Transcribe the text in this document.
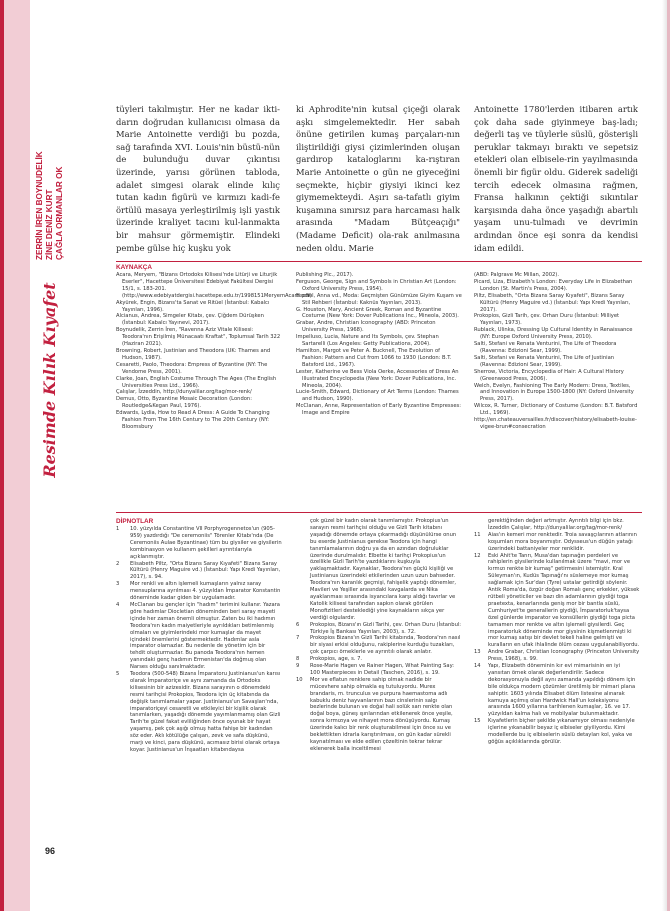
ZERRİN İREN BOYNUDELİK ZİNE DENİZ KURT ÇAĞLA ORMANLAR OK
Resimde Kılık Kıyafet
96
tüyleri takılmıştır. Her ne kadar ikti-darın doğrudan kullanıcısı olmasa da Marie Antoinette verdiği bu pozda, sağ tarafında XVI. Louis'nin büstü-nün de bulunduğu duvar çıkıntısı üzerinde, yarısı görünen tabloda, adalet simgesi olarak elinde kılıç tutan kadın figürü ve kırmızı kadi-fe örtülü masaya yerleştirilmiş işli yastık üzerinde kraliyet tacını kul-lanmakta bir mahsur görmemiştir. Elindeki pembe gülse hiç kuşku yok
ki Aphrodite'nin kutsal çiçeği olarak aşkı simgelemektedir. Her sabah önüne getirilen kumaş parçaları-nın iliştirildiği giysi çizimlerinden oluşan gardırop kataloglarını ka-rıştıran Marie Antoinette o gün ne giyeceğini seçmekte, hiçbir giysiyi ikinci kez giymemekteydi. Aşırı sa-tafatlı giyim kuşamına sınırsız para harcaması halk arasında "Madam Bütçeaçığı" (Madame Deficit) ola-rak anılmasına neden oldu. Marie
Antoinette 1780'lerden itibaren artık çok daha sade giyinmeye baş-ladı; değerli taş ve tüylerle süslü, gösterişli peruklar takmayı bıraktı ve sepetsiz etekleri olan elbisele-rin yayılmasında önemli bir figür oldu. Giderek sadeliği tercih edecek olmasına rağmen, Fransa halkının çektiği sıkıntılar karşısında daha önce yaşadığı abartılı yaşam unu-tulmadı ve devrimin ardından önce eşi sonra da kendisi idam edildi.
KAYNAKÇA
Acara, Meryem, "Bizans Ortodoks Kilisesi'nde Litürji ve Liturjik Eserler", Hacettepe Üniversitesi Edebiyat Fakültesi Dergisi 15/1, s. 183-201. (http://www.edebiyatdergisi.hacettepe.edu.tr/1998151MeryemAcara.pdf)
Akyürek, Engin, Bizans'ta Sanat ve Ritüel (İstanbul: Kabalcı Yayınları, 1996).
Alcianus, Andrea, Simgeler Kitabı, çev. Çiğdem Dürüşken (İstanbul: Kabalcı Yayınevi, 2017).
Boynudelik, Zerrin İren, "Ravenna Aziz Vitale Kilisesi: Teodora'nın Erişilmiş Münacaatı Kraftat", Toplumsal Tarih 322 (Haziran 2021).
Browning, Robert, Justinian and Theodora (UK: Thames and Hudson, 1987).
Cesaretti, Paolo, Theodora: Empress of Byzantine (NY: The Vendome Press, 2001).
Clarke, Joan, English Costume Through The Ages (The English Universities Press Ltd., 1966).
Çalışlar, İzzeddin, http://dunyalilar.org/tag/mor-renk/
Demus, Otto, Byzantine Mosaic Decoration (London: Routledge&Kegan Paul, 1976).
Edwards, Lydia, How to Read A Dress: A Guide To Changing Fashion From The 16th Century to The 20th Century (NY: Bloomsbury
Publishing Plc., 2017).
Ferguson, George, Sign and Symbols in Christian Art (London: Oxford University Press, 1954).
Fischel, Anna vd., Moda: Geçmişten Günümüze Giyim Kuşam ve Stil Rehberi (İstanbul: Kaknüs Yayınları, 2013).
G. Houston, Mary, Ancient Greek, Roman and Byzantine Costume (New York: Dover Publications Inc., Mineola, 2003).
Grabar, Andre, Christian Iconography (ABD: Princeton University Press, 1968).
Impelluso, Lucia, Nature and Its Symbols, çev. Stephan Sartarelli (Los Angeles: Getty Publications, 2004).
Hamilton, Margot ve Peter A. Bucknell, The Evolution of Fashion: Pattern and Cut from 1066 to 1930 (London: B.T. Batsford Ltd., 1967).
Lester, Katherine ve Bess Viola Oerke, Accessories of Dress An Illustrated Encyclopedia (New York: Dover Publications, Inc. Mineola, 2004).
Lucie-Smith, Edward, Dictionary of Art Terms (London: Thames and Hudson, 1990).
McClanan, Anne, Representation of Early Byzantine Empresses: Image and Empire
(ABD: Palgrave Mc Millan, 2002).
Picard, Liza, Elizabeth's London: Everyday Life in Elizabethan London (St. Martin's Press, 2004).
Piltz, Elisabeth, "Orta Bizans Saray Kıyafeti", Bizans Saray Kültürü (Henry Maguire vd.) (İstanbul: Yapı Kredi Yayınları, 2017).
Prokopios, Gizli Tarih, çev. Orhan Duru (İstanbul: Milliyet Yayınları, 1973).
Rublack, Ulinka, Dressing Up Cultural Identity in Renaissance (NY: Europe Oxford University Press, 2010).
Salti, Stefani ve Renata Venturini, The Life of Theodora (Ravenna: Edizioni Sear, 1999).
Salti, Stefani ve Renata Venturini, The Life of Justinian (Ravenna: Edizioni Sear, 1999).
Sherrow, Victoria, Encyclopedia of Hair: A Cultural History (Greenwood Press, 2006).
Welch, Evelyn, Fashioning The Early Modern: Dress, Textiles, and Innovation in Europe 1500-1800 (NY: Oxford University Press, 2017).
Wilcox, R. Turner, Dictionary of Costume (London: B.T. Batsford Ltd., 1969).
http://en.chateauversailles.fr/discover/history/elisabeth-louise-vigee-brun#consecration
DİPNOTLAR
1	10. yüzyılda Constantine VII Porphyrogennetos'un (905-959) yazdırdığı "De ceremoniis" Törenler Kitabı'nda (De Ceremoniis Aulae Byzantinae) tüm bu giysiler ve giysilerin kombinasyon ve kullanım şekilleri ayrıntılarıyla açıklanmıştır.
2	Elisabeth Piltz, "Orta Bizans Saray Kıyafeti" Bizans Saray Kültürü (Henry Maguire vd.) (İstanbul: Yapı Kredi Yayınları, 2017), s. 94.
3	Mor renkli ve altın işlemeli kumaşların yalnız saray mensuplarına ayrılması 4. yüzyıldan İmparator Konstantin döneminde kadar giden bir uygulamadır.
4	McClanan bu gençler için "hadım" terimini kullanır. Yazara göre hadımlar Diocletian döneminden beri saray mayeti içinde her zaman önemli olmuştur. Zaten bu iki hadımın Teodora'nın kadın maiyetleriyle ayrıldıkları betimlenmiş olmaları ve giyimlerindeki mor kumaşlar da mayet içindeki önemlerini göstermektedir. Hadımlar asla imparator olamazlar. Bu nedenle de yönetim için bir tehdit oluşturmazlar. Bu panoda Teodora'nın hemen yanındaki genç hadımın Ermenistan'da doğmuş olan Narses olduğu sanılmaktadır.
5	Teodora (500-548) Bizans İmparatoru Justinianus'un karısı olarak İmparatoriçe ve aynı zamanda da Ortodoks kilisesinin bir azizesidir. Bizans sarayının o dönemdeki resmi tarihçisi Prokopios, Teodora için üç kitabında da değişik tanımlamalar yapar. Justinianus'un Savaşları'nda, imparatoriçeyi cesaretli ve etkileyici bir kişilik olarak tanımlarken, yaşadığı dönemde yayımlanmamış olan Gizli Tarih'te güzel fakat evliliğinden önce oyunak bir hayat yaşamış, pek çok aşığı olmuş hatta fahişe bir kadından söz eder. Aklı kötülüğe çalışan, zevk ve safa düşkünü, marjı ve kinci, para düşkünü, acımasız birisi olarak ortaya koyar. Justinianus'un İnşaatları kitabındaysa
çok güzel bir kadın olarak tanımlamıştır. Prokopius'un sarayın resmi tarihçisi olduğu ve Gizli Tarih kitabını yaşadığı dönemde ortaya çıkarmadığı düşünülürse onun bu eserde Justinianus gerekse Teodora için hangi tanımlamalarının doğru ya da en azından doğruluklar üzerinde durulmalıdır. Elbette ki tarihçi Prokopius'un özellikle Gizli Tarih'te yazdıklarını kuşkuyla yaklaşmaktadır. Kaynaklar, Teodora'nın güçlü kişiliği ve Justinianus üzerindeki etkilerinden uzun uzun bahseder. Teodora'nın karanlık geçmişi, fahişelik yaptığı dönemler, Mavileri ve Yeşiller arasındaki kavgalarda ve Nika ayaklanması sırasında isyancılara karşı aldığı tavırlar ve Katolik kilisesi tarafından sapkın olarak görülen Monofizitleri desteklediği yine kaynakların sıkça yer verdiği olgulardır.
6	Prokopios, Bizans'ın Gizli Tarihi, çev. Orhan Duru (İstanbul: Türkiye İş Bankası Yayınları, 2003), s. 72.
7	Prokopios Bizans'ın Gizli Tarihi kitabında, Teodora'nın nasıl bir siyasi erkisi olduğunu, rakiplerine kurduğu tuzakları, çok çarpıcı örneklerle ve ayrıntılı olarak anlatır.
8	Prokopios, age, s. 7.
9	Rose-Marie Hagen ve Rainer Hagen, What Painting Say: 100 Masterpieces in Detail (Taschen, 2016), s. 19.
10	Mor ve eflatun renklere sahip olmak nadide bir mücevhere sahip olmakla eş tutuluyordu. Murex brandaris, m. trunculus ve purpura haemastoma adlı kabuklu deniz hayvanlarının bazı cinslerinin salgı bezlerinde bulunan ve doğal hali solük sarı renkte olan doğal boya, güneş ışınlarından etkilenerek önce yeşile, sonra kırmızıya ve nihayet mora dönüşüyordu. Kumaş üzerinde kalıcı bir renk oluşturabilmesi için önce su ve beklettikten idrarla karıştırılması, on gün kadar sürekli kaynatılması ve elde edilen çözeltinin tekrar tekrar eklenerek balla inceltilmesi
gerektiğinden değeri artmıştır. Ayrıntılı bilgi için bkz. İzzeddin Çalışlar, http://dunyalilar.org/tag/mor-renk/
11	Aias'ın kemeri mor renktedir. Troia savaşçılarının atlarının koşumları mora boyanmıştır. Odysseus'un düğün yatağı üzerindeki battaniyeler mor renklidir.
12	Eski Ahit'te Tanrı, Musa'dan tapınağın perdeleri ve rahiplerin giysilerinde kullanılmak üzere "mavi, mor ve kırmızı renkte bir kumaş" getirmesini istemiştir. Kral Süleyman'ın, Kudüs Tapınağı'nı süslemeye mor kumaş sağlamak için Sur'dan (Tyre) ustalar getirdiği söylenir. Antik Roma'da, özgür doğan Romalı genç erkekler, yüksek rütbeli yöneticiler ve bazı din adamlarının giydiği toga praetexta, kenarlarında geniş mor bir bantla süslü, Cumhuriyet'te generallerin giydiği, İmparatorluk'taysa özel günlerde imparator ve konsüllerin giydiği toga picta tamamen mor renkte ve altın işlemeli giysilerdi. Geç imparatorluk döneminde mor giysinin kişmetlenmişti ki mor kumaş satışı bir devlet tekeli haline gelmişti ve kuralların en ufak ihlalinde ölüm cezası uygulanabiliyordu.
13	Andre Grabar, Christian Iconography (Princeton University Press, 1968), s. 99.
14	Yapı, Elizabeth döneminin kır evi mimarisinin en iyi yansıtan örnek olarak değerlendirilir. Sadece dekorasyonuyla değil aynı zamanda yapıldığı dönem için bile oldukça modern çözümler üretilmiş bir mimari plana sahiptir. 1603 yılında Elisabet ölüm listesine alınarak kamuya açılmış olan Hardwick Hall'un koleksiyonu arasında 1600 yıllarına tarihlenen kumaşlar, 16. ve 17. yüzyıldan kalma halı ve mobilyalar bulunmaktadır.
15	Kıyafetlerin biçher şekilde yıkanamıyor olması nedeniyle içlerine yıkanabilir beyaz iç elbiseler giyiliyordu. Kimi modellerde bu iç elbiselerin süslü detayları kol, yaka ve göğüs açıklıklarında görülür.
